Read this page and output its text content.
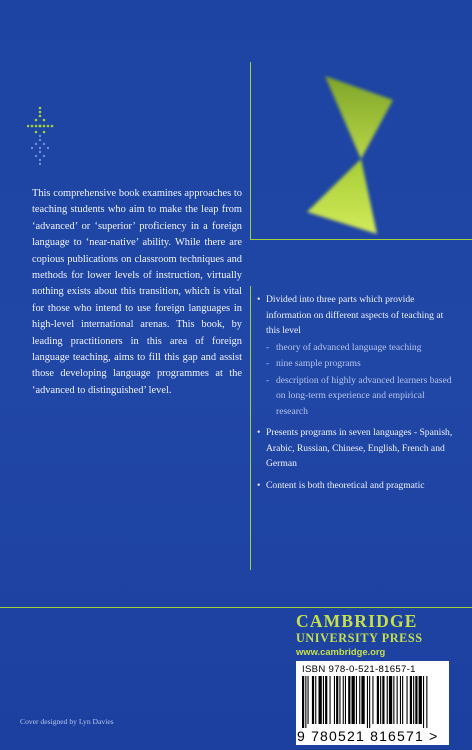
This comprehensive book examines approaches to teaching students who aim to make the leap from ‘advanced’ or ‘superior’ proficiency in a foreign language to ‘near-native’ ability. While there are copious publications on classroom techniques and methods for lower levels of instruction, virtually nothing exists about this transition, which is vital for those who intend to use foreign languages in high-level international arenas. This book, by leading practitioners in this area of foreign language teaching, aims to fill this gap and assist those developing language programmes at the ‘advanced to distinguished’ level.

• Divided into three parts which provide information on different aspects of teaching at this level
- theory of advanced language teaching
- nine sample programs
- description of highly advanced learners based on long-term experience and empirical research
• Presents programs in seven languages - Spanish, Arabic, Russian, Chinese, English, French and German
• Content is both theoretical and pragmatic
CAMBRIDGE
UNIVERSITY PRESS
www.cambridge.org
ISBN 978-0-521-81657-1
9 780521 816571 >
Cover designed by Lyn Davies
